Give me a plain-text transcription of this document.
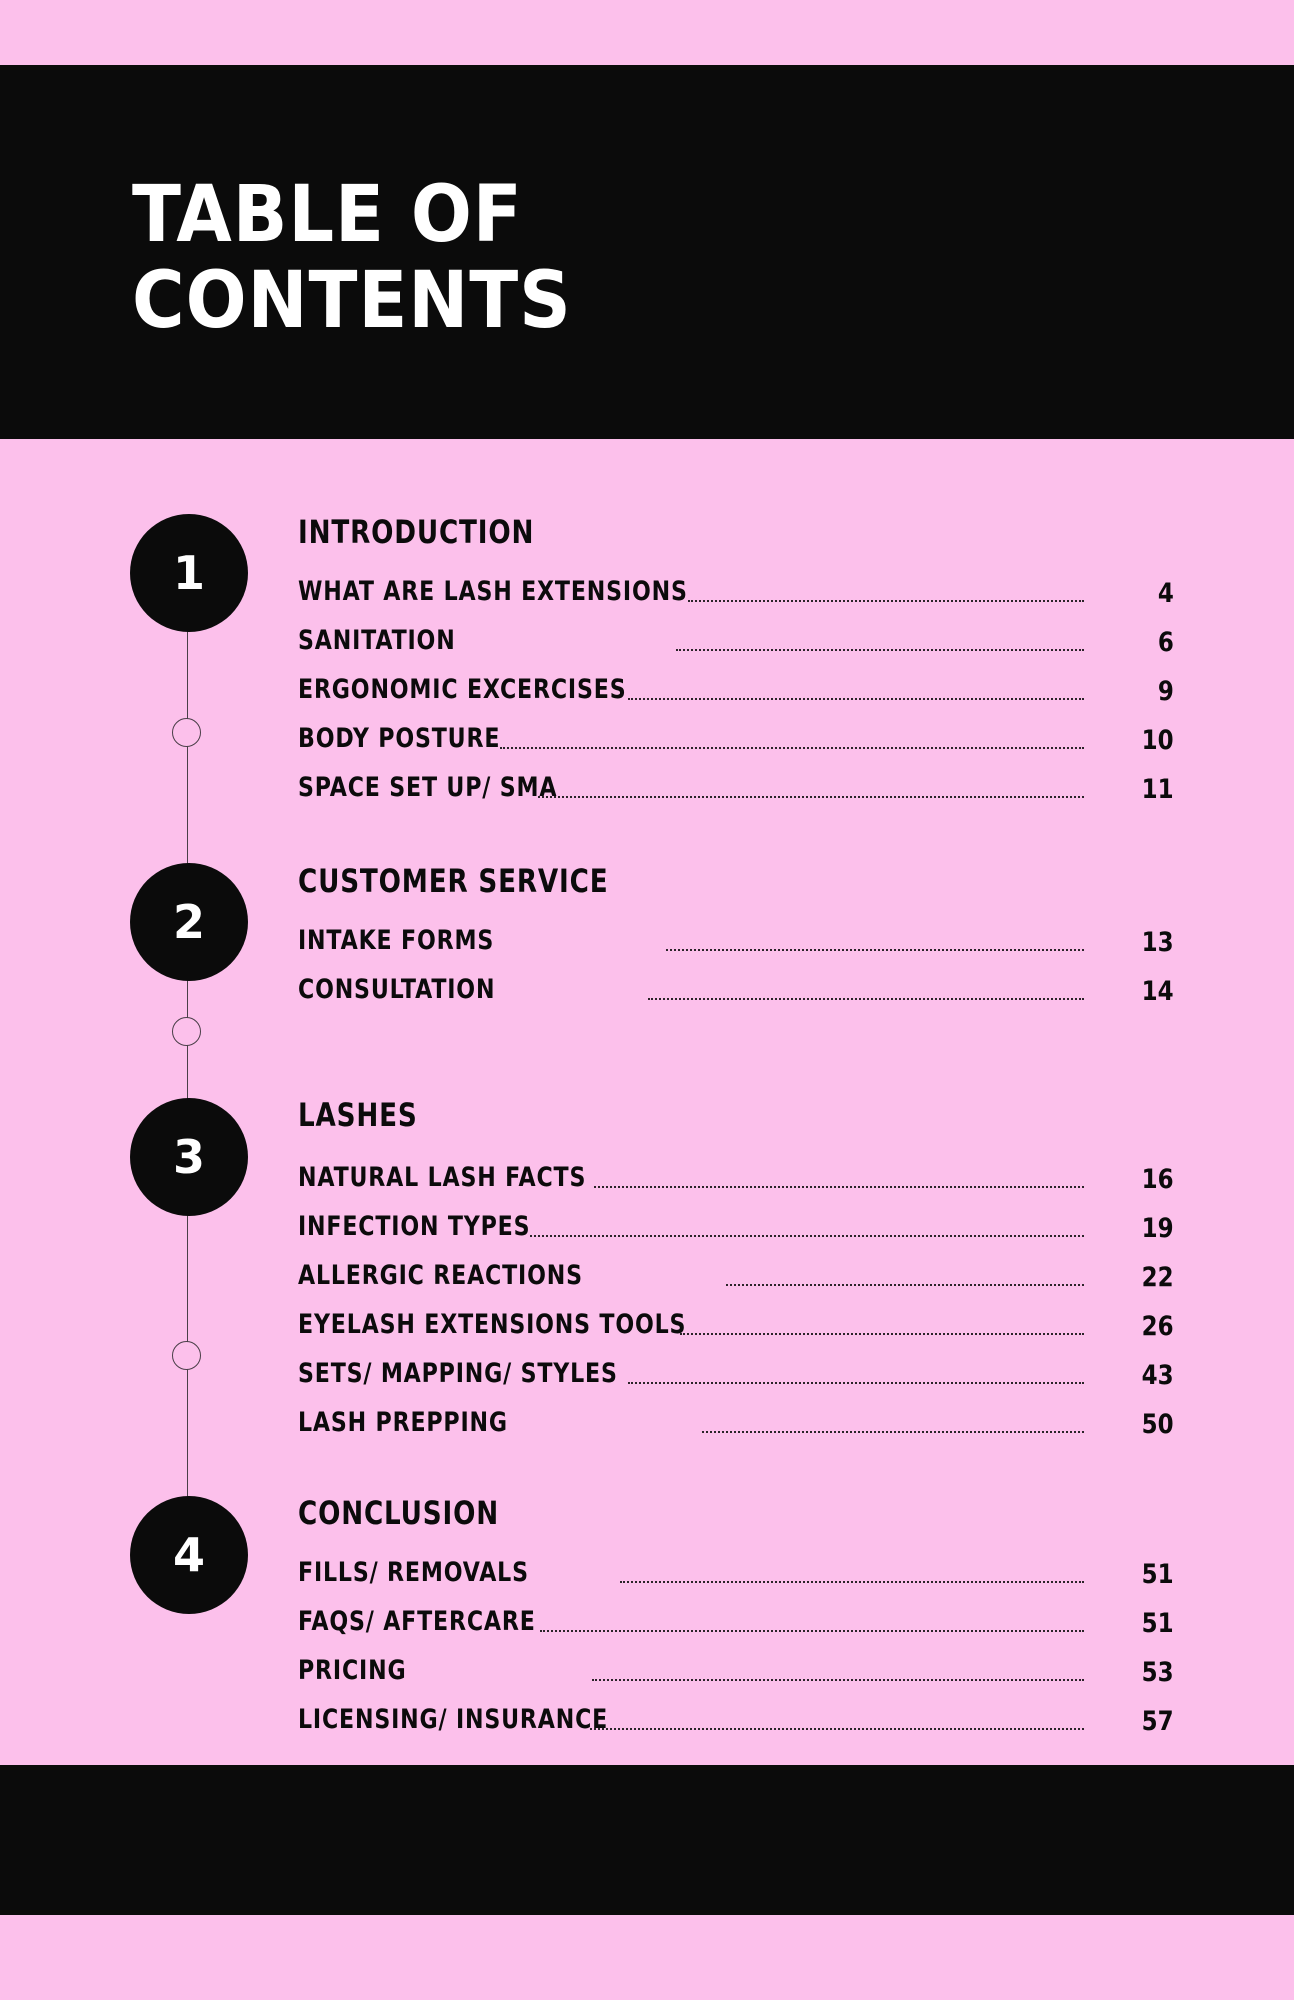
TABLE OF
CONTENTS
1
2
3
4
INTRODUCTION
WHAT ARE LASH EXTENSIONS	4
SANITATION	6
ERGONOMIC EXCERCISES	9
BODY POSTURE	10
SPACE SET UP/ SMA	11
CUSTOMER SERVICE
INTAKE FORMS	13
CONSULTATION	14
LASHES
NATURAL LASH FACTS	16
INFECTION TYPES	19
ALLERGIC REACTIONS	22
EYELASH EXTENSIONS TOOLS	26
SETS/ MAPPING/ STYLES	43
LASH PREPPING	50
CONCLUSION
FILLS/ REMOVALS	51
FAQS/ AFTERCARE	51
PRICING	53
LICENSING/ INSURANCE	57
